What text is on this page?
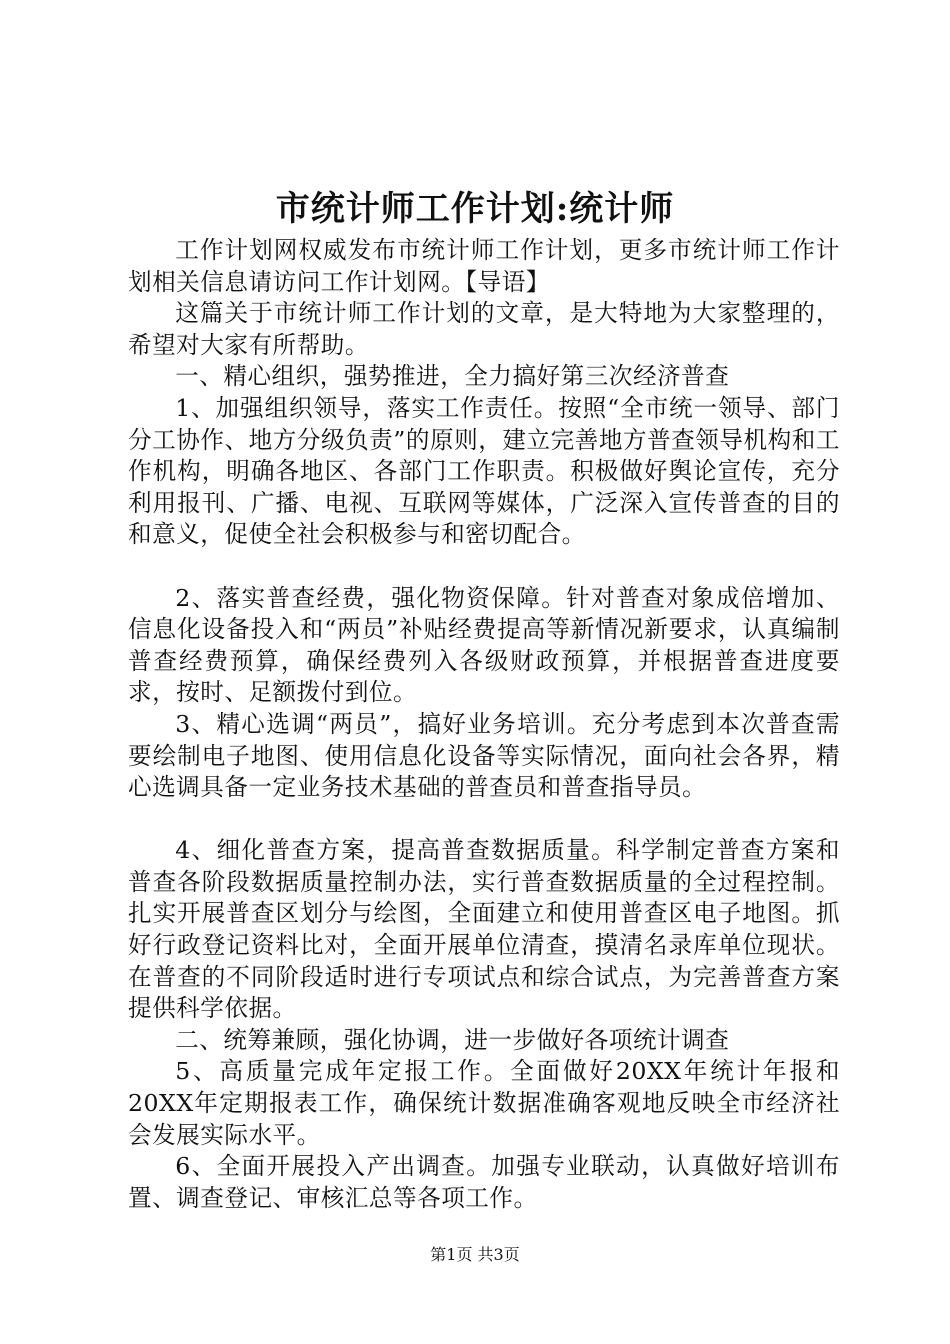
市统计师工作计划:统计师

工作计划网权威发布市统计师工作计划，更多市统计师工作计划相关信息请访问工作计划网。【导语】

这篇关于市统计师工作计划的文章，是大特地为大家整理的，希望对大家有所帮助。

一、精心组织，强势推进，全力搞好第三次经济普查

1、加强组织领导，落实工作责任。按照“全市统一领导、部门分工协作、地方分级负责”的原则，建立完善地方普查领导机构和工作机构，明确各地区、各部门工作职责。积极做好舆论宣传，充分利用报刊、广播、电视、互联网等媒体，广泛深入宣传普查的目的和意义，促使全社会积极参与和密切配合。

2、落实普查经费，强化物资保障。针对普查对象成倍增加、信息化设备投入和“两员”补贴经费提高等新情况新要求，认真编制普查经费预算，确保经费列入各级财政预算，并根据普查进度要求，按时、足额拨付到位。

3、精心选调“两员”，搞好业务培训。充分考虑到本次普查需要绘制电子地图、使用信息化设备等实际情况，面向社会各界，精心选调具备一定业务技术基础的普查员和普查指导员。

4、细化普查方案，提高普查数据质量。科学制定普查方案和普查各阶段数据质量控制办法，实行普查数据质量的全过程控制。扎实开展普查区划分与绘图，全面建立和使用普查区电子地图。抓好行政登记资料比对，全面开展单位清查，摸清名录库单位现状。在普查的不同阶段适时进行专项试点和综合试点，为完善普查方案提供科学依据。

二、统筹兼顾，强化协调，进一步做好各项统计调查

5、高质量完成年定报工作。全面做好20XX年统计年报和20XX年定期报表工作，确保统计数据准确客观地反映全市经济社会发展实际水平。

6、全面开展投入产出调查。加强专业联动，认真做好培训布置、调查登记、审核汇总等各项工作。

第1页 共3页
